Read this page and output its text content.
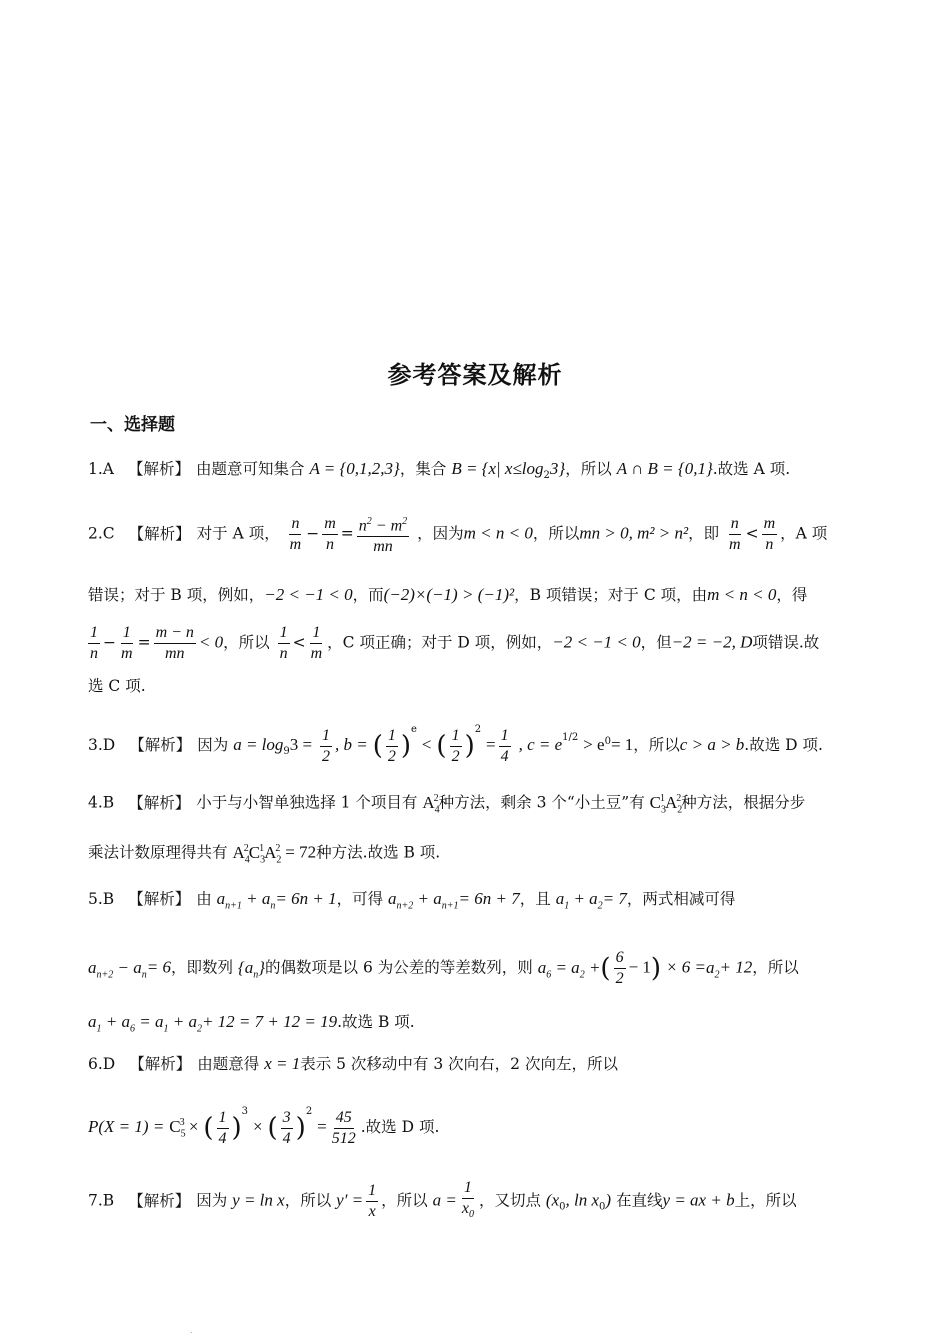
参考答案及解析
一、选择题
1.A 【解析】 由题意可知集合 A = {0,1,2,3}，集合 B = {x| $x\le\log_23$}，所以 A ∩ B = {0,1}.故选 A 项.
2.C 【解析】 对于 A 项， $\frac{n}{m} - \frac{m}{n} = \frac{n^2 - m^2}{mn}$ ，因为m < n < 0，所以mn > 0, m² > n²，即 $\frac{n}{m} < \frac{m}{n}$ ，A 项
错误；对于 B 项，例如，−2 < −1 < 0，而(−2)×(−1) > (−1)²，B 项错误；对于 C 项，由m < n < 0，得
$\frac{1}{n} - \frac{1}{m} = \frac{m - n}{mn} < 0$，所以 $\frac{1}{n} < \frac{1}{m}$ ，C 项正确；对于 D 项，例如，−2 < −1 < 0，但−2 = −2, D项错误.故
选 C 项.
3.D 【解析】 因为 $a = \log_93 = \frac{1}{2}$ , b = ( $\frac{1}{2} )^e$ < ( $\frac{1}{2} )^2 = \frac{1}{4}$ , $c = e^{1/2} > e^0= 1$，所以c > a > b.故选 D 项.
4.B 【解析】 小于与小智单独选择 1 个项目有 $A_4^2$种方法，剩余 3 个“小土豆”有 $C_3^1A_2^2$种方法，根据分步
乘法计数原理得共有 $A_4^2C_3^1A_2^2 = 72$种方法.故选 B 项.
5.B 【解析】 由 $a_{n+1} + a_n= 6n + 1$，可得 $a_{n+2} + a_{n+1}= 6n + 7$，且 $a_1 + a_2= 7$，两式相减可得
$a_{n+2} - a_n= 6$，即数列 $\{a_n\}$的偶数项是以 6 为公差的等差数列，则 $a_6 = a_2$ +( $\frac{6}{2} - 1) \times 6 =a_2+ 12$，所以
$a_1 + a_6 = a_1 + a_2+ 12 = 7 + 12 = 19$.故选 B 项.
6.D 【解析】 由题意得 x = 1表示 5 次移动中有 3 次向右，2 次向左，所以
$P(X = 1) = C_5^3$ × ( $\frac{1}{4} )^3$ × ( $\frac{3}{4} )^2 = \frac{45}{512}$ .故选 D 项.
7.B 【解析】 因为 y = ln x，所以 $y' = \frac{1}{x}$ ，所以 $a = \frac{1}{x_0}$ ，又切点 ($x_0$, $\ln x_0$) 在直线y = ax + b上，所以
.
